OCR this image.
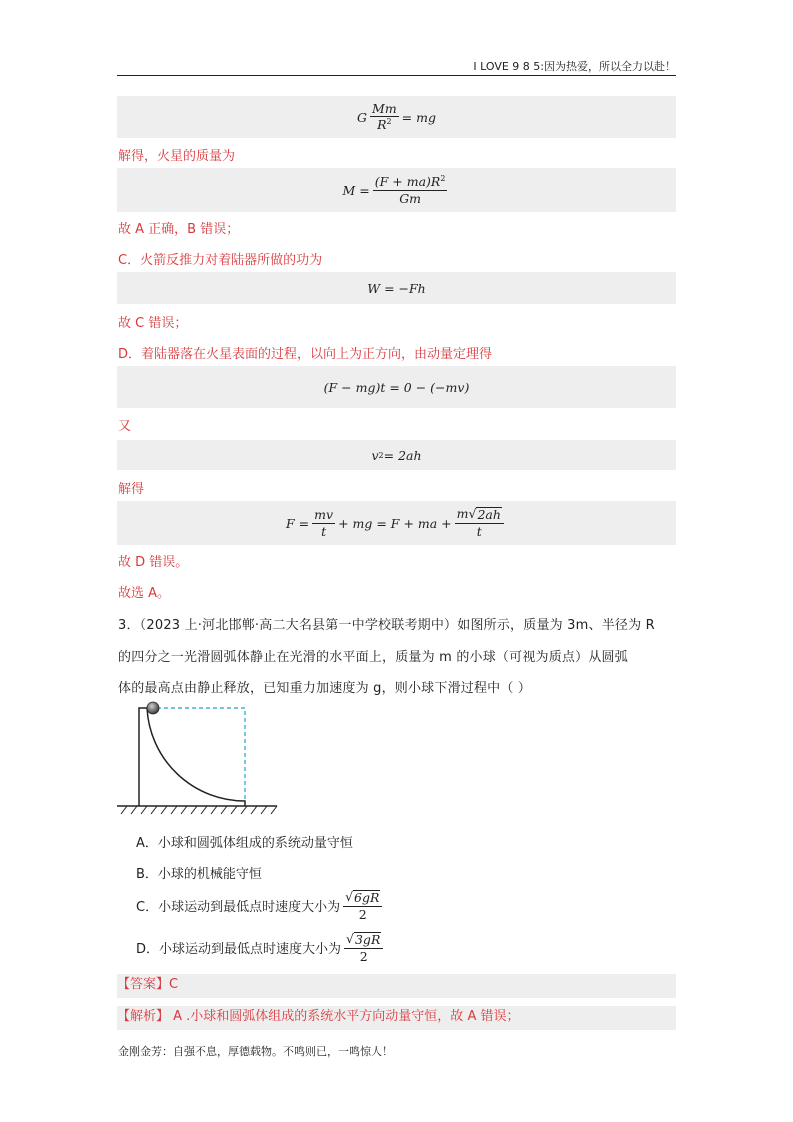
I LOVE 9 8 5:因为热爱，所以全力以赴！
G $\frac{Mm}{R^2}$ = mg
解得，火星的质量为
$M = \frac{(F + ma)R^2}{Gm}$
故 A 正确，B 错误；
C．火箭反推力对着陆器所做的功为
W = −Fh
故 C 错误；
D．着陆器落在火星表面的过程，以向上为正方向，由动量定理得
(F − mg)t = 0 − (−mv)
又
v 2 = 2ah
解得
$F = \frac{mv}{t}$ + mg = F + ma + $\frac{m √ 2ah}{t}$
故 D 错误。
故选 A。
3．（2023 上·河北邯郸·高二大名县第一中学校联考期中）如图所示，质量为 3m、半径为 R
的四分之一光滑圆弧体静止在光滑的水平面上，质量为 m 的小球（可视为质点）从圆弧
体的最高点由静止释放，已知重力加速度为 g，则小球下滑过程中（ ）
A．小球和圆弧体组成的系统动量守恒
B．小球的机械能守恒
C．小球运动到最低点时速度大小为 $\frac{√ 6gR}{2}$
D．小球运动到最低点时速度大小为 $\frac{√ 3gR}{2}$
【答案】C
【解析】 A .小球和圆弧体组成的系统水平方向动量守恒，故 A 错误；
金刚金芳：自强不息，厚德载物。不鸣则已，一鸣惊人！
